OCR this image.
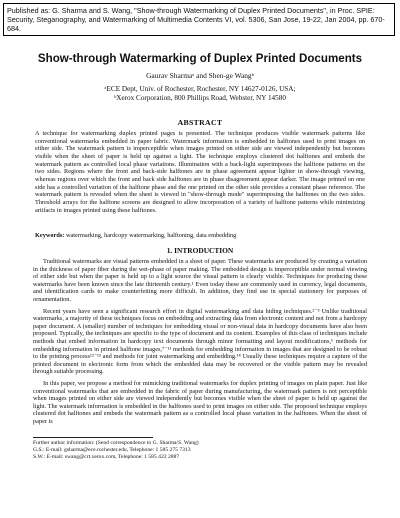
Published as: G. Sharma and S. Wang, "Show-through Watermarking of Duplex Printed Documents", in Proc. SPIE: Security, Steganography, and Watermarking of Multimedia Contents VI, vol. 5306, San Jose, 19-22, Jan 2004, pp. 670-684.
Show-through Watermarking of Duplex Printed Documents
Gaurav Sharmaᵃ and Shen-ge Wangᵇ
ᵃECE Dept, Univ. of Rochester, Rochester, NY 14627-0126, USA;
ᵇXerox Corporation, 800 Phillips Road, Webster, NY 14580
ABSTRACT
A technique for watermarking duplex printed pages is presented. The technique produces visible watermark patterns like conventional watermarks embedded in paper fabric. Watermark information is embedded in halftones used to print images on either side. The watermark pattern is imperceptible when images printed on either side are viewed independently but becomes visible when the sheet of paper is held up against a light. The technique employs clustered dot halftones and embeds the watermark pattern as controlled local phase variations. Illumination with a back-light superimposes the halftone patterns on the two sides. Regions where the front and back-side halftones are in phase agreement appear lighter in show-through viewing, whereas regions over which the front and back side halftones are in phase disagreement appear darker. The image printed on one side has a controlled variation of the halftone phase and the one printed on the other side provides a constant phase reference. The watermark pattern is revealed when the sheet is viewed in "show-through mode" superimposing the halftones on the two sides. Threshold arrays for the halftone screens are designed to allow incorporation of a variety of halftone patterns while minimizing artifacts in images printed using these halftones.
Keywords: watermarking, hardcopy watermarking, halftoning, data embedding
1. INTRODUCTION

Traditional watermarks are visual patterns embedded in a sheet of paper. These watermarks are produced by creating a variation in the thickness of paper fiber during the wet-phase of paper making. The embedded design is imperceptible under normal viewing of either side but when the paper is held up to a light source the visual pattern is clearly visible. Techniques for producing these watermarks have been known since the late thirteenth century.¹ Even today these are commonly used in currency, legal documents, and identification cards to make counterfeiting more difficult. In addition, they find use in special stationery for purposes of ornamentation.

Recent years have seen a significant research effort in digital watermarking and data hiding techniques.²⁻³ Unlike traditional watermarks, a majority of these techniques focus on embedding and extracting data from electronic content and not from a hardcopy paper document. A (smaller) number of techniques for embedding visual or non-visual data in hardcopy documents have also been proposed. Typically, the techniques are specific to the type of document and its content. Examples of this class of techniques include methods that embed information in hardcopy text documents through minor formatting and layout modifications,⁶ methods for embedding information in printed halftone images,⁷⁻¹¹ methods for embedding information in images that are designed to be robust to the printing process¹²⁻¹³ and methods for joint watermarking and embedding.¹⁴ Usually these techniques require a capture of the printed document in electronic form from which the embedded data may be recovered or the visible pattern may be revealed through suitable processing.

In this paper, we propose a method for mimicking traditional watermarks for duplex printing of images on plain paper. Just like conventional watermarks that are embedded in the fabric of paper during manufacturing, the watermark pattern is not perceptible when images printed on either side are viewed independently but becomes visible when the sheet of paper is held up against the light. The watermark information is embedded in the halftones used to print images on either side. The proposed technique employs clustered dot halftones and embeds the watermark pattern as a controlled local phase variation in the halftones. When the sheet of paper is

Further author information: (Send correspondence to G. Sharma/S. Wang)
G.S.: E-mail: gsharma@ece.rochester.edu, Telephone: 1 585 275 7313
S.W.: E-mail: swang@crt.xerox.com, Telephone: 1 585 422 2887
